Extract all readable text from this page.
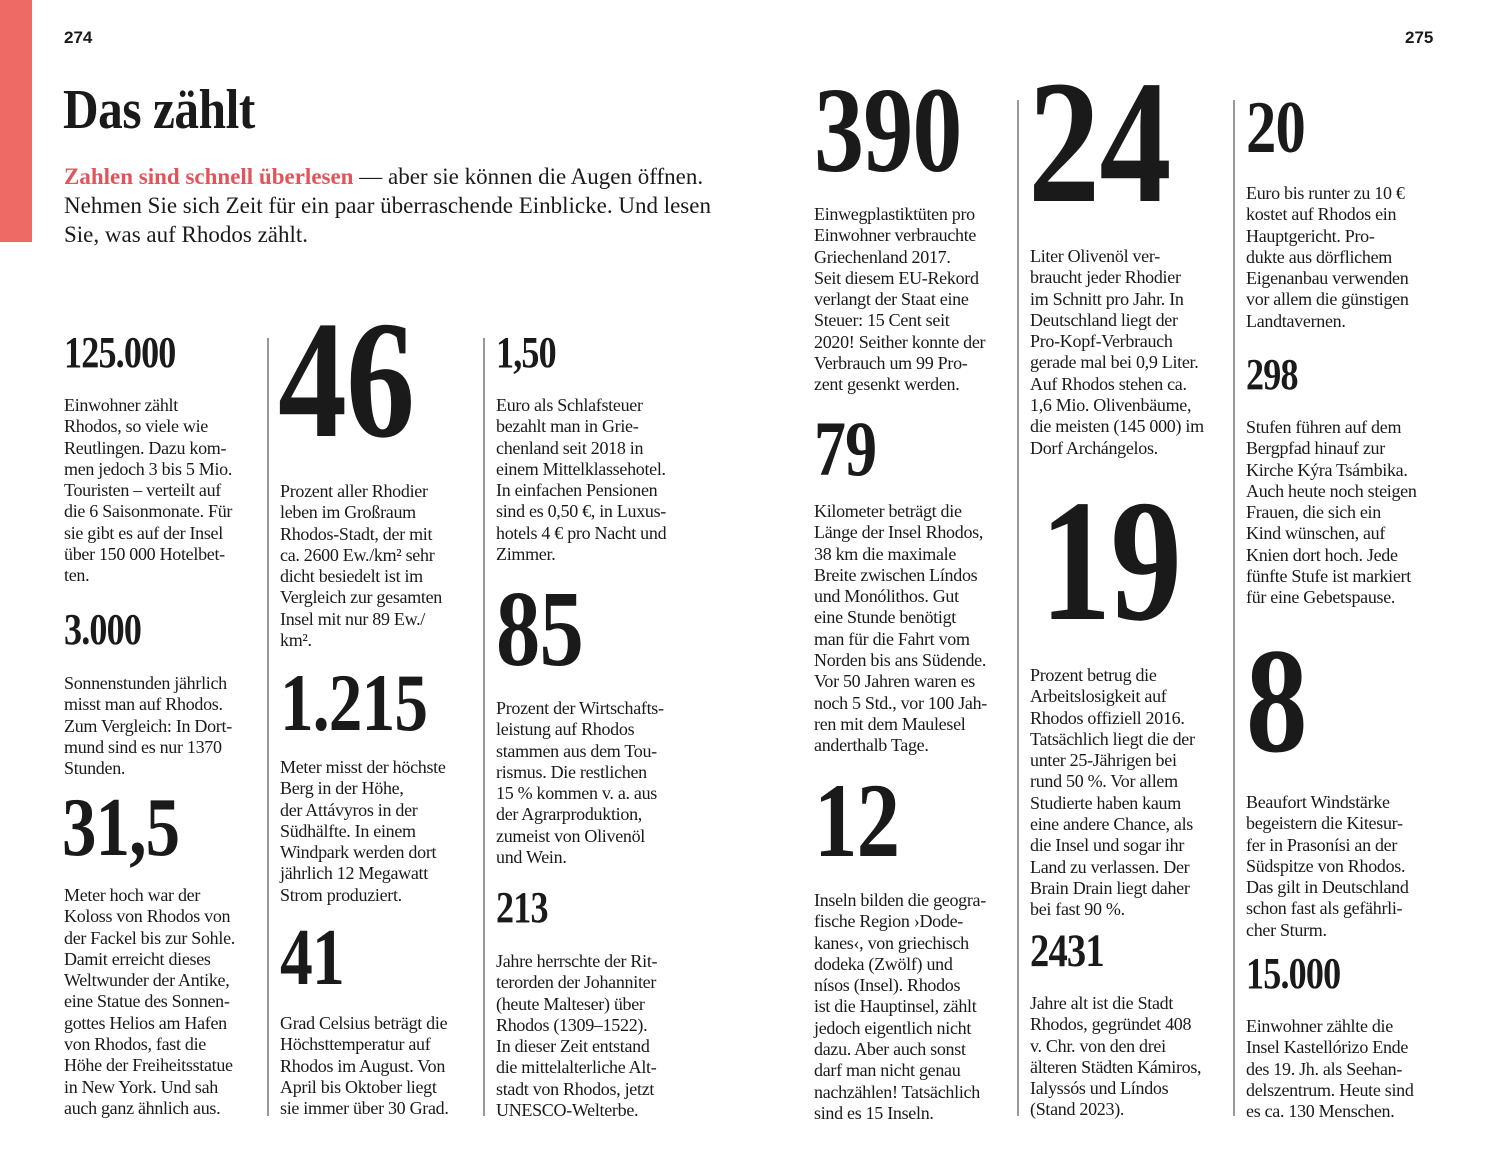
274	275
Das zählt
Zahlen sind schnell überlesen — aber sie können die Augen öffnen. Nehmen Sie sich Zeit für ein paar überraschende Einblicke. Und lesen Sie, was auf Rhodos zählt.
125.000
Einwohner zählt
Rhodos, so viele wie
Reutlingen. Dazu kom-
men jedoch 3 bis 5 Mio.
Touristen – verteilt auf
die 6 Saisonmonate. Für
sie gibt es auf der Insel
über 150 000 Hotelbet-
ten.
3.000
Sonnenstunden jährlich
misst man auf Rhodos.
Zum Vergleich: In Dort-
mund sind es nur 1370
Stunden.
31,5
Meter hoch war der
Koloss von Rhodos von
der Fackel bis zur Sohle.
Damit erreicht dieses
Weltwunder der Antike,
eine Statue des Sonnen-
gottes Helios am Hafen
von Rhodos, fast die
Höhe der Freiheitsstatue
in New York. Und sah
auch ganz ähnlich aus.
46
Prozent aller Rhodier
leben im Großraum
Rhodos-Stadt, der mit
ca. 2600 Ew./km² sehr
dicht besiedelt ist im
Vergleich zur gesamten
Insel mit nur 89 Ew./
km².
1.215
Meter misst der höchste
Berg in der Höhe,
der Attávyros in der
Südhälfte. In einem
Windpark werden dort
jährlich 12 Megawatt
Strom produziert.
41
Grad Celsius beträgt die
Höchsttemperatur auf
Rhodos im August. Von
April bis Oktober liegt
sie immer über 30 Grad.
1,50
Euro als Schlafsteuer
bezahlt man in Grie-
chenland seit 2018 in
einem Mittelklassehotel.
In einfachen Pensionen
sind es 0,50 €, in Luxus-
hotels 4 € pro Nacht und
Zimmer.
85
Prozent der Wirtschafts-
leistung auf Rhodos
stammen aus dem Tou-
rismus. Die restlichen
15 % kommen v. a. aus
der Agrarproduktion,
zumeist von Olivenöl
und Wein.
213
Jahre herrschte der Rit-
terorden der Johanniter
(heute Malteser) über
Rhodos (1309–1522).
In dieser Zeit entstand
die mittelalterliche Alt-
stadt von Rhodos, jetzt
UNESCO-Welterbe.
390
Einwegplastiktüten pro
Einwohner verbrauchte
Griechenland 2017.
Seit diesem EU-Rekord
verlangt der Staat eine
Steuer: 15 Cent seit
2020! Seither konnte der
Verbrauch um 99 Pro-
zent gesenkt werden.
79
Kilometer beträgt die
Länge der Insel Rhodos,
38 km die maximale
Breite zwischen Líndos
und Monólithos. Gut
eine Stunde benötigt
man für die Fahrt vom
Norden bis ans Südende.
Vor 50 Jahren waren es
noch 5 Std., vor 100 Jah-
ren mit dem Maulesel
anderthalb Tage.
12
Inseln bilden die geogra-
fische Region ›Dode-
kanes‹, von griechisch
dodeka (Zwölf) und
nísos (Insel). Rhodos
ist die Hauptinsel, zählt
jedoch eigentlich nicht
dazu. Aber auch sonst
darf man nicht genau
nachzählen! Tatsächlich
sind es 15 Inseln.
24
Liter Olivenöl ver-
braucht jeder Rhodier
im Schnitt pro Jahr. In
Deutschland liegt der
Pro-Kopf-Verbrauch
gerade mal bei 0,9 Liter.
Auf Rhodos stehen ca.
1,6 Mio. Olivenbäume,
die meisten (145 000) im
Dorf Archángelos.
19
Prozent betrug die
Arbeitslosigkeit auf
Rhodos offiziell 2016.
Tatsächlich liegt die der
unter 25-Jährigen bei
rund 50 %. Vor allem
Studierte haben kaum
eine andere Chance, als
die Insel und sogar ihr
Land zu verlassen. Der
Brain Drain liegt daher
bei fast 90 %.
2431
Jahre alt ist die Stadt
Rhodos, gegründet 408
v. Chr. von den drei
älteren Städten Kámiros,
Ialyssós und Líndos
(Stand 2023).
20
Euro bis runter zu 10 €
kostet auf Rhodos ein
Hauptgericht. Pro-
dukte aus dörflichem
Eigenanbau verwenden
vor allem die günstigen
Landtavernen.
298
Stufen führen auf dem
Bergpfad hinauf zur
Kirche Kýra Tsámbika.
Auch heute noch steigen
Frauen, die sich ein
Kind wünschen, auf
Knien dort hoch. Jede
fünfte Stufe ist markiert
für eine Gebetspause.
8
Beaufort Windstärke
begeistern die Kitesur-
fer in Prasonísi an der
Südspitze von Rhodos.
Das gilt in Deutschland
schon fast als gefährli-
cher Sturm.
15.000
Einwohner zählte die
Insel Kastellórizo Ende
des 19. Jh. als Seehan-
delszentrum. Heute sind
es ca. 130 Menschen.
